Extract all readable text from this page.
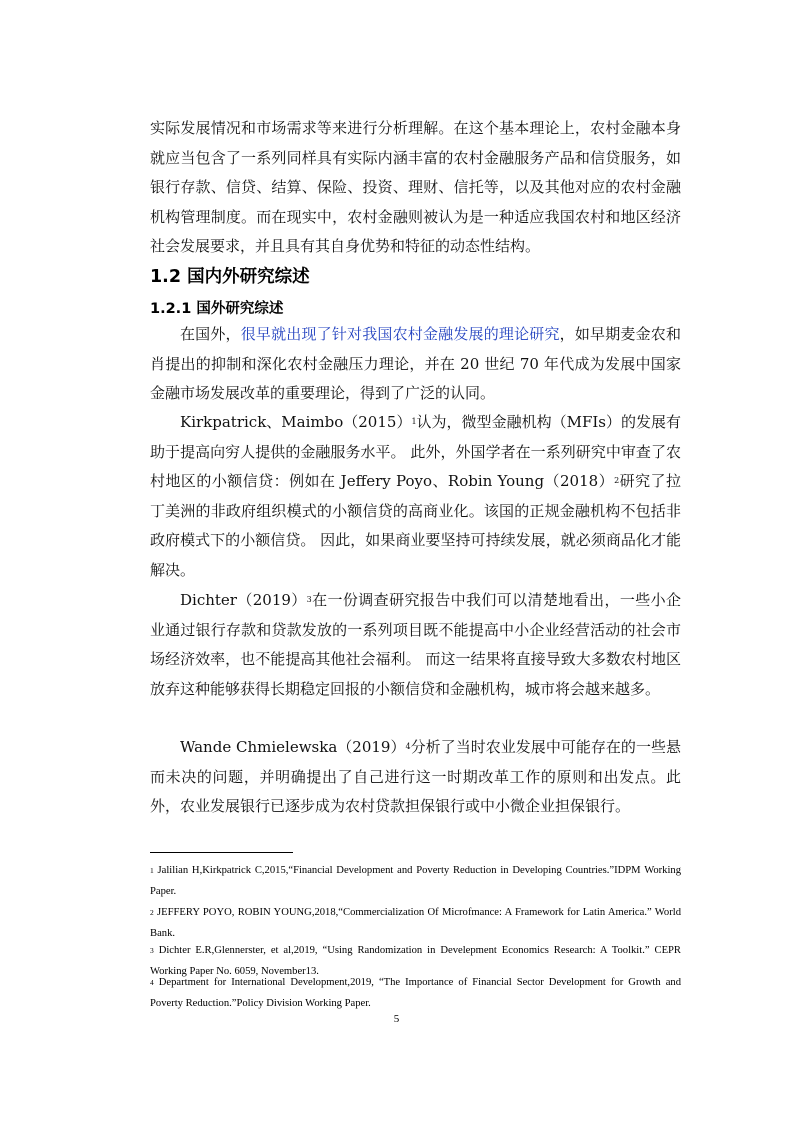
实际发展情况和市场需求等来进行分析理解。在这个基本理论上，农村金融本身就应当包含了一系列同样具有实际内涵丰富的农村金融服务产品和信贷服务，如银行存款、信贷、结算、保险、投资、理财、信托等，以及其他对应的农村金融机构管理制度。而在现实中，农村金融则被认为是一种适应我国农村和地区经济社会发展要求，并且具有其自身优势和特征的动态性结构。

1.2 国内外研究综述
1.2.1 国外研究综述

在国外，很早就出现了针对我国农村金融发展的理论研究，如早期麦金农和肖提出的抑制和深化农村金融压力理论，并在 20 世纪 70 年代成为发展中国家金融市场发展改革的重要理论，得到了广泛的认同。

Kirkpatrick、$Maimbo(2015)^1$认为，微型金融机构（MFIs）的发展有助于提高向穷人提供的金融服务水平。 此外，外国学者在一系列研究中审查了农村地区的小额信贷：例如在 Jeffery Poyo、Robin $Young(2018)^2$研究了拉丁美洲的非政府组织模式的小额信贷的高商业化。该国的正规金融机构不包括非政府模式下的小额信贷。 因此，如果商业要坚持可持续发展，就必须商品化才能解决。

$Dichter(2019)^3$在一份调查研究报告中我们可以清楚地看出，一些小企业通过银行存款和贷款发放的一系列项目既不能提高中小企业经营活动的社会市场经济效率，也不能提高其他社会福利。 而这一结果将直接导致大多数农村地区放弃这种能够获得长期稳定回报的小额信贷和金融机构，城市将会越来越多。

Wande $Chmielewska(2019)^4$分析了当时农业发展中可能存在的一些悬而未决的问题，并明确提出了自己进行这一时期改革工作的原则和出发点。此外，农业发展银行已逐步成为农村贷款担保银行或中小微企业担保银行。

$^1$ Jalilian H,Kirkpatrick C,2015,“Financial Development and Poverty Reduction in Developing Countries.”IDPM Working Paper.

$^2$ JEFFERY POYO, ROBIN YOUNG,2018,“Commercialization Of Microfmance: A Framework for Latin America.” World Bank.

$^3$ Dichter E.R,Glennerster, et al,2019, “Using Randomization in Develepment Economics Research: A Toolkit.” CEPR Working Paper No. 6059, November13.

$^4$ Department for International Development,2019, “The Importance of Financial Sector Development for Growth and Poverty Reduction.”Policy Division Working Paper.

5
